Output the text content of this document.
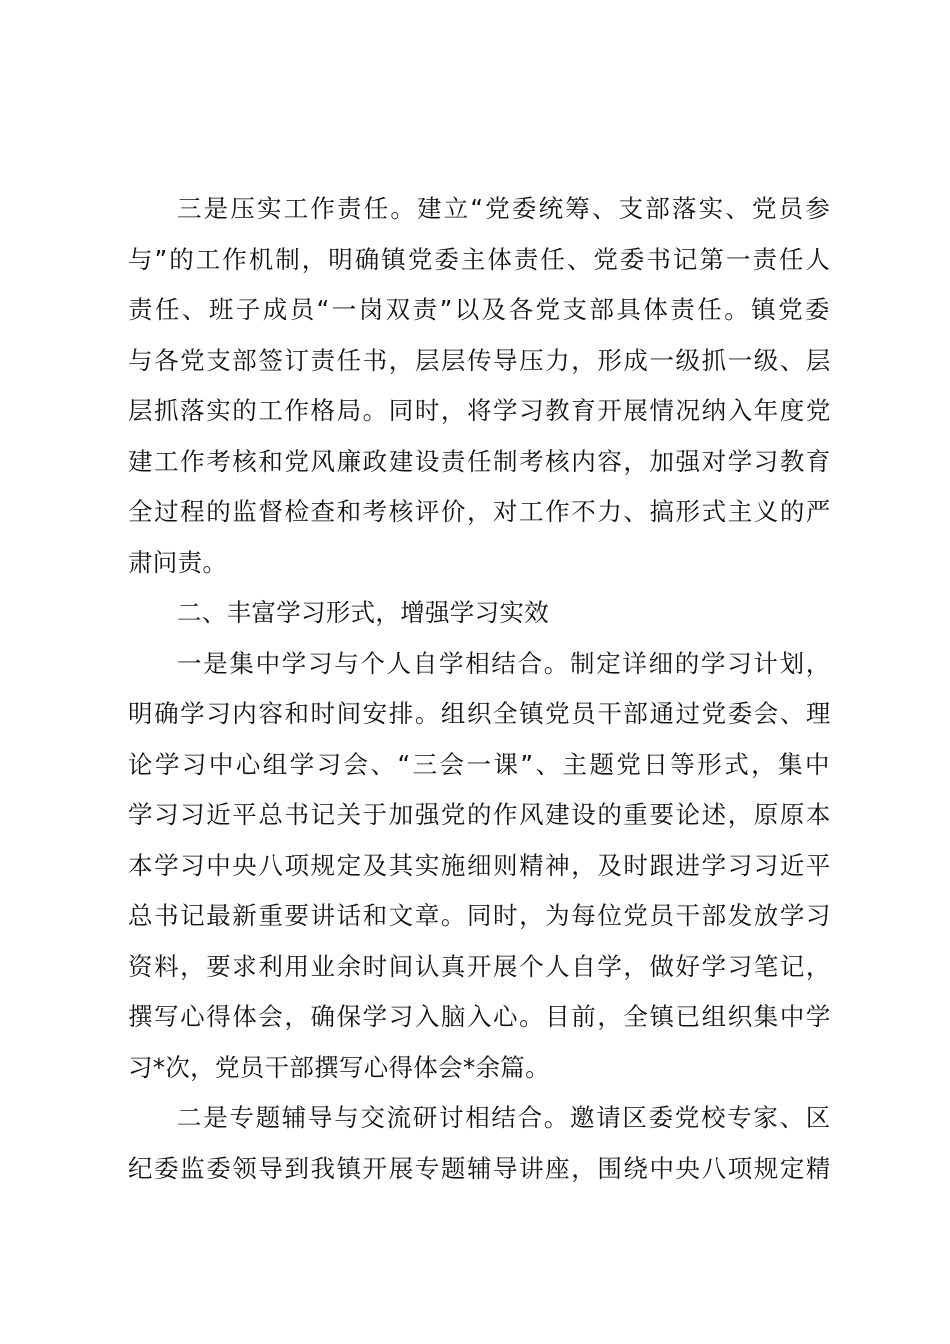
三是压实工作责任。建立“党委统筹、支部落实、党员参
与”的工作机制，明确镇党委主体责任、党委书记第一责任人
责任、班子成员“一岗双责”以及各党支部具体责任。镇党委
与各党支部签订责任书，层层传导压力，形成一级抓一级、层
层抓落实的工作格局。同时，将学习教育开展情况纳入年度党
建工作考核和党风廉政建设责任制考核内容，加强对学习教育
全过程的监督检查和考核评价，对工作不力、搞形式主义的严
肃问责。
二、丰富学习形式，增强学习实效
一是集中学习与个人自学相结合。制定详细的学习计划，
明确学习内容和时间安排。组织全镇党员干部通过党委会、理
论学习中心组学习会、“三会一课”、主题党日等形式，集中
学习习近平总书记关于加强党的作风建设的重要论述，原原本
本学习中央八项规定及其实施细则精神，及时跟进学习习近平
总书记最新重要讲话和文章。同时，为每位党员干部发放学习
资料，要求利用业余时间认真开展个人自学，做好学习笔记，
撰写心得体会，确保学习入脑入心。目前，全镇已组织集中学
习*次，党员干部撰写心得体会*余篇。
二是专题辅导与交流研讨相结合。邀请区委党校专家、区
纪委监委领导到我镇开展专题辅导讲座，围绕中央八项规定精
